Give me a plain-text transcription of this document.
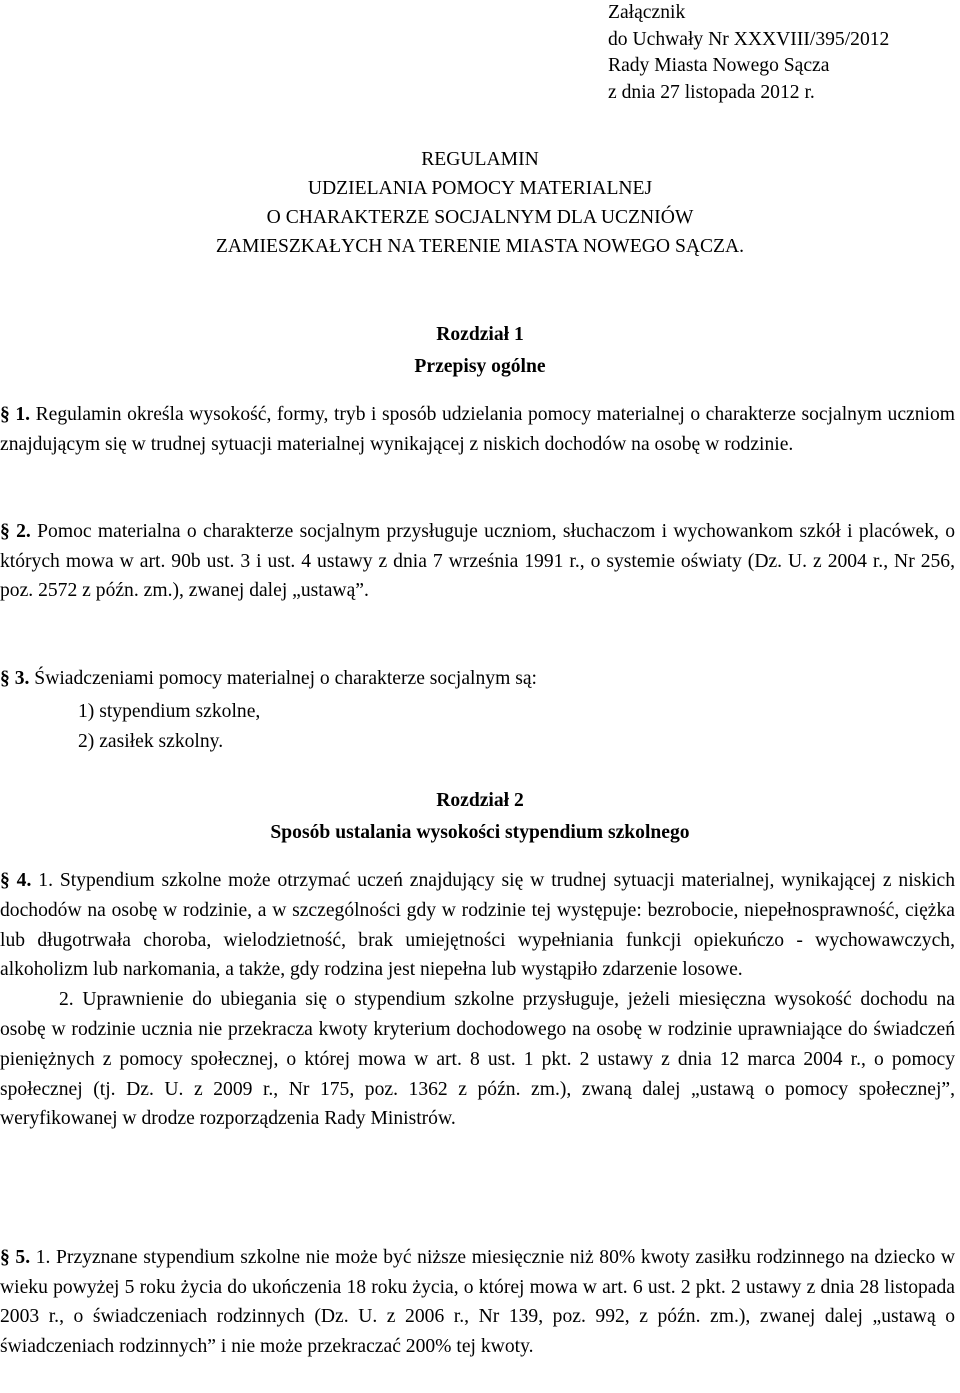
Załącznik
do Uchwały Nr XXXVIII/395/2012
Rady Miasta Nowego Sącza
z dnia 27 listopada 2012 r.
REGULAMIN
UDZIELANIA POMOCY MATERIALNEJ
O CHARAKTERZE SOCJALNYM DLA UCZNIÓW
ZAMIESZKAŁYCH NA TERENIE MIASTA NOWEGO SĄCZA.
Rozdział 1
Przepisy ogólne

§ 1. Regulamin określa wysokość, formy, tryb i sposób udzielania pomocy materialnej o charakterze socjalnym uczniom znajdującym się w trudnej sytuacji materialnej wynikającej z niskich dochodów na osobę w rodzinie.

§ 2. Pomoc materialna o charakterze socjalnym przysługuje uczniom, słuchaczom i wychowankom szkół i placówek, o których mowa w art. 90b ust. 3 i ust. 4 ustawy z dnia 7 września 1991 r., o systemie oświaty (Dz. U. z 2004 r., Nr 256, poz. 2572 z późn. zm.), zwanej dalej „ustawą”.

§ 3. Świadczeniami pomocy materialnej o charakterze socjalnym są:

1) stypendium szkolne,
2) zasiłek szkolny.
Rozdział 2
Sposób ustalania wysokości stypendium szkolnego

§ 4. 1. Stypendium szkolne może otrzymać uczeń znajdujący się w trudnej sytuacji materialnej, wynikającej z niskich dochodów na osobę w rodzinie, a w szczególności gdy w rodzinie tej występuje: bezrobocie, niepełnosprawność, ciężka lub długotrwała choroba, wielodzietność, brak umiejętności wypełniania funkcji opiekuńczo - wychowawczych, alkoholizm lub narkomania, a także, gdy rodzina jest niepełna lub wystąpiło zdarzenie losowe.

2. Uprawnienie do ubiegania się o stypendium szkolne przysługuje, jeżeli miesięczna wysokość dochodu na osobę w rodzinie ucznia nie przekracza kwoty kryterium dochodowego na osobę w rodzinie uprawniające do świadczeń pieniężnych z pomocy społecznej, o której mowa w art. 8 ust. 1 pkt. 2 ustawy z dnia 12 marca 2004 r., o pomocy społecznej (tj. Dz. U. z 2009 r., Nr 175, poz. 1362 z późn. zm.), zwaną dalej „ustawą o pomocy społecznej”, weryfikowanej w drodze rozporządzenia Rady Ministrów.

§ 5. 1. Przyznane stypendium szkolne nie może być niższe miesięcznie niż 80% kwoty zasiłku rodzinnego na dziecko w wieku powyżej 5 roku życia do ukończenia 18 roku życia, o której mowa w art. 6 ust. 2 pkt. 2 ustawy z dnia 28 listopada 2003 r., o świadczeniach rodzinnych (Dz. U. z 2006 r., Nr 139, poz. 992, z późn. zm.), zwanej dalej „ustawą o świadczeniach rodzinnych” i nie może przekraczać 200% tej kwoty.
